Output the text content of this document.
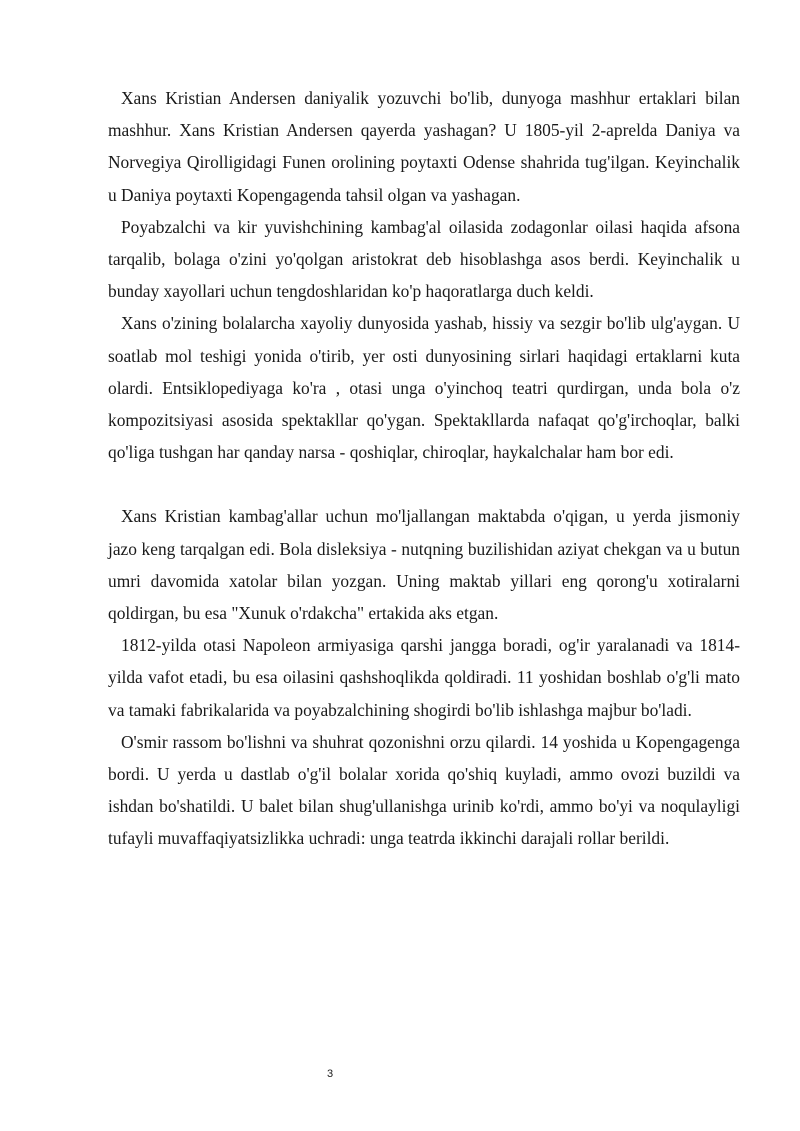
Xans Kristian Andersen daniyalik yozuvchi bo'lib, dunyoga mashhur ertaklari bilan mashhur. Xans Kristian Andersen qayerda yashagan? U 1805-yil 2-aprelda Daniya va Norvegiya Qirolligidagi Funen orolining poytaxti Odense shahrida tug'ilgan. Keyinchalik u Daniya poytaxti Kopengagenda tahsil olgan va yashagan.

Poyabzalchi va kir yuvishchining kambag'al oilasida zodagonlar oilasi haqida afsona tarqalib, bolaga o'zini yo'qolgan aristokrat deb hisoblashga asos berdi. Keyinchalik u bunday xayollari uchun tengdoshlaridan ko'p haqoratlarga duch keldi.

Xans o'zining bolalarcha xayoliy dunyosida yashab, hissiy va sezgir bo'lib ulg'aygan. U soatlab mol teshigi yonida o'tirib, yer osti dunyosining sirlari haqidagi ertaklarni kuta olardi. Entsiklopediyaga ko'ra , otasi unga o'yinchoq teatri qurdirgan, unda bola o'z kompozitsiyasi asosida spektakllar qo'ygan. Spektakllarda nafaqat qo'g'irchoqlar, balki qo'liga tushgan har qanday narsa - qoshiqlar, chiroqlar, haykalchalar ham bor edi.

Xans Kristian kambag'allar uchun mo'ljallangan maktabda o'qigan, u yerda jismoniy jazo keng tarqalgan edi. Bola disleksiya - nutqning buzilishidan aziyat chekgan va u butun umri davomida xatolar bilan yozgan. Uning maktab yillari eng qorong'u xotiralarni qoldirgan, bu esa "Xunuk o'rdakcha" ertakida aks etgan.

1812-yilda otasi Napoleon armiyasiga qarshi jangga boradi, og'ir yaralanadi va 1814-yilda vafot etadi, bu esa oilasini qashshoqlikda qoldiradi. 11 yoshidan boshlab o'g'li mato va tamaki fabrikalarida va poyabzalchining shogirdi bo'lib ishlashga majbur bo'ladi.

O'smir rassom bo'lishni va shuhrat qozonishni orzu qilardi. 14 yoshida u Kopengagenga bordi. U yerda u dastlab o'g'il bolalar xorida qo'shiq kuyladi, ammo ovozi buzildi va ishdan bo'shatildi. U balet bilan shug'ullanishga urinib ko'rdi, ammo bo'yi va noqulayligi tufayli muvaffaqiyatsizlikka uchradi: unga teatrda ikkinchi darajali rollar berildi.

3
